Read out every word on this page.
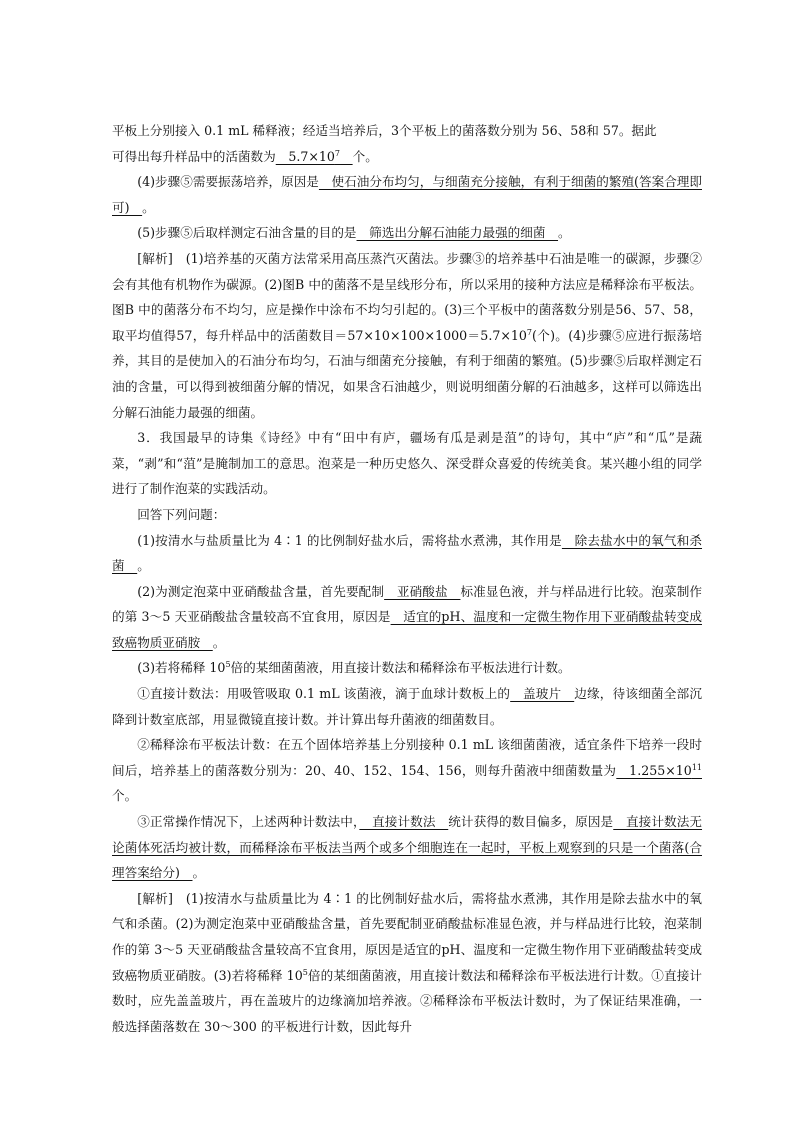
平板上分别接入 0.1 mL 稀释液；经适当培养后，3个平板上的菌落数分别为 56、58和 57。据此

可得出每升样品中的活菌数为　$5.7\times 10^7$　 个。

(4)步骤⑤需要振荡培养，原因是　使石油分布均匀，与细菌充分接触，有利于细菌的繁殖(答案合理即可)　。

(5)步骤⑤后取样测定石油含量的目的是　筛选出分解石油能力最强的细菌　。

[解析]　(1)培养基的灭菌方法常采用高压蒸汽灭菌法。步骤③的培养基中石油是唯一的碳源，步骤②会有其他有机物作为碳源。(2)图B 中的菌落不是呈线形分布，所以采用的接种方法应是稀释涂布平板法。图B 中的菌落分布不均匀，应是操作中涂布不均匀引起的。(3)三个平板中的菌落数分别是56、57、58，取平均值得57，每升样品中的活菌数目$=57\times 10\times 100\times 1000=5.7\times 10^7$(个)。(4)步骤⑤应进行振荡培养，其目的是使加入的石油分布均匀，石油与细菌充分接触，有利于细菌的繁殖。(5)步骤⑤后取样测定石油的含量，可以得到被细菌分解的情况，如果含石油越少，则说明细菌分解的石油越多，这样可以筛选出分解石油能力最强的细菌。

3．我国最早的诗集《诗经》中有“田中有庐，疆场有瓜是剥是菹”的诗句，其中“庐”和“瓜”是蔬菜，“剥”和“菹”是腌制加工的意思。泡菜是一种历史悠久、深受群众喜爱的传统美食。某兴趣小组的同学进行了制作泡菜的实践活动。

回答下列问题：

(1)按清水与盐质量比为 4∶1 的比例制好盐水后，需将盐水煮沸，其作用是　除去盐水中的氧气和杀菌　。

(2)为测定泡菜中亚硝酸盐含量，首先要配制　亚硝酸盐　标准显色液，并与样品进行比较。泡菜制作的第 3～5 天亚硝酸盐含量较高不宜食用，原因是　适宜的pH、温度和一定微生物作用下亚硝酸盐转变成致癌物质亚硝胺　。

(3)若将稀释 $10^5$倍的某细菌菌液，用直接计数法和稀释涂布平板法进行计数。

①直接计数法：用吸管吸取 0.1 mL 该菌液，滴于血球计数板上的　盖玻片　边缘，待该细菌全部沉降到计数室底部，用显微镜直接计数。并计算出每升菌液的细菌数目。

②稀释涂布平板法计数：在五个固体培养基上分别接种 0.1 mL 该细菌菌液，适宜条件下培养一段时间后，培养基上的菌落数分别为：20、40、152、154、156，则每升菌液中细菌数量为　$1.255\times 10^{11}$个。

③正常操作情况下，上述两种计数法中，　直接计数法　统计获得的数目偏多，原因是　直接计数法无论菌体死活均被计数，而稀释涂布平板法当两个或多个细胞连在一起时，平板上观察到的只是一个菌落(合理答案给分)　。

[解析]　(1)按清水与盐质量比为 4∶1 的比例制好盐水后，需将盐水煮沸，其作用是除去盐水中的氧气和杀菌。(2)为测定泡菜中亚硝酸盐含量，首先要配制亚硝酸盐标准显色液，并与样品进行比较，泡菜制作的第 3～5 天亚硝酸盐含量较高不宜食用，原因是适宜的pH、温度和一定微生物作用下亚硝酸盐转变成致癌物质亚硝胺。(3)若将稀释 $10^5$倍的某细菌菌液，用直接计数法和稀释涂布平板法进行计数。①直接计数时，应先盖盖玻片，再在盖玻片的边缘滴加培养液。②稀释涂布平板法计数时，为了保证结果准确，一般选择菌落数在 30～300 的平板进行计数，因此每升
